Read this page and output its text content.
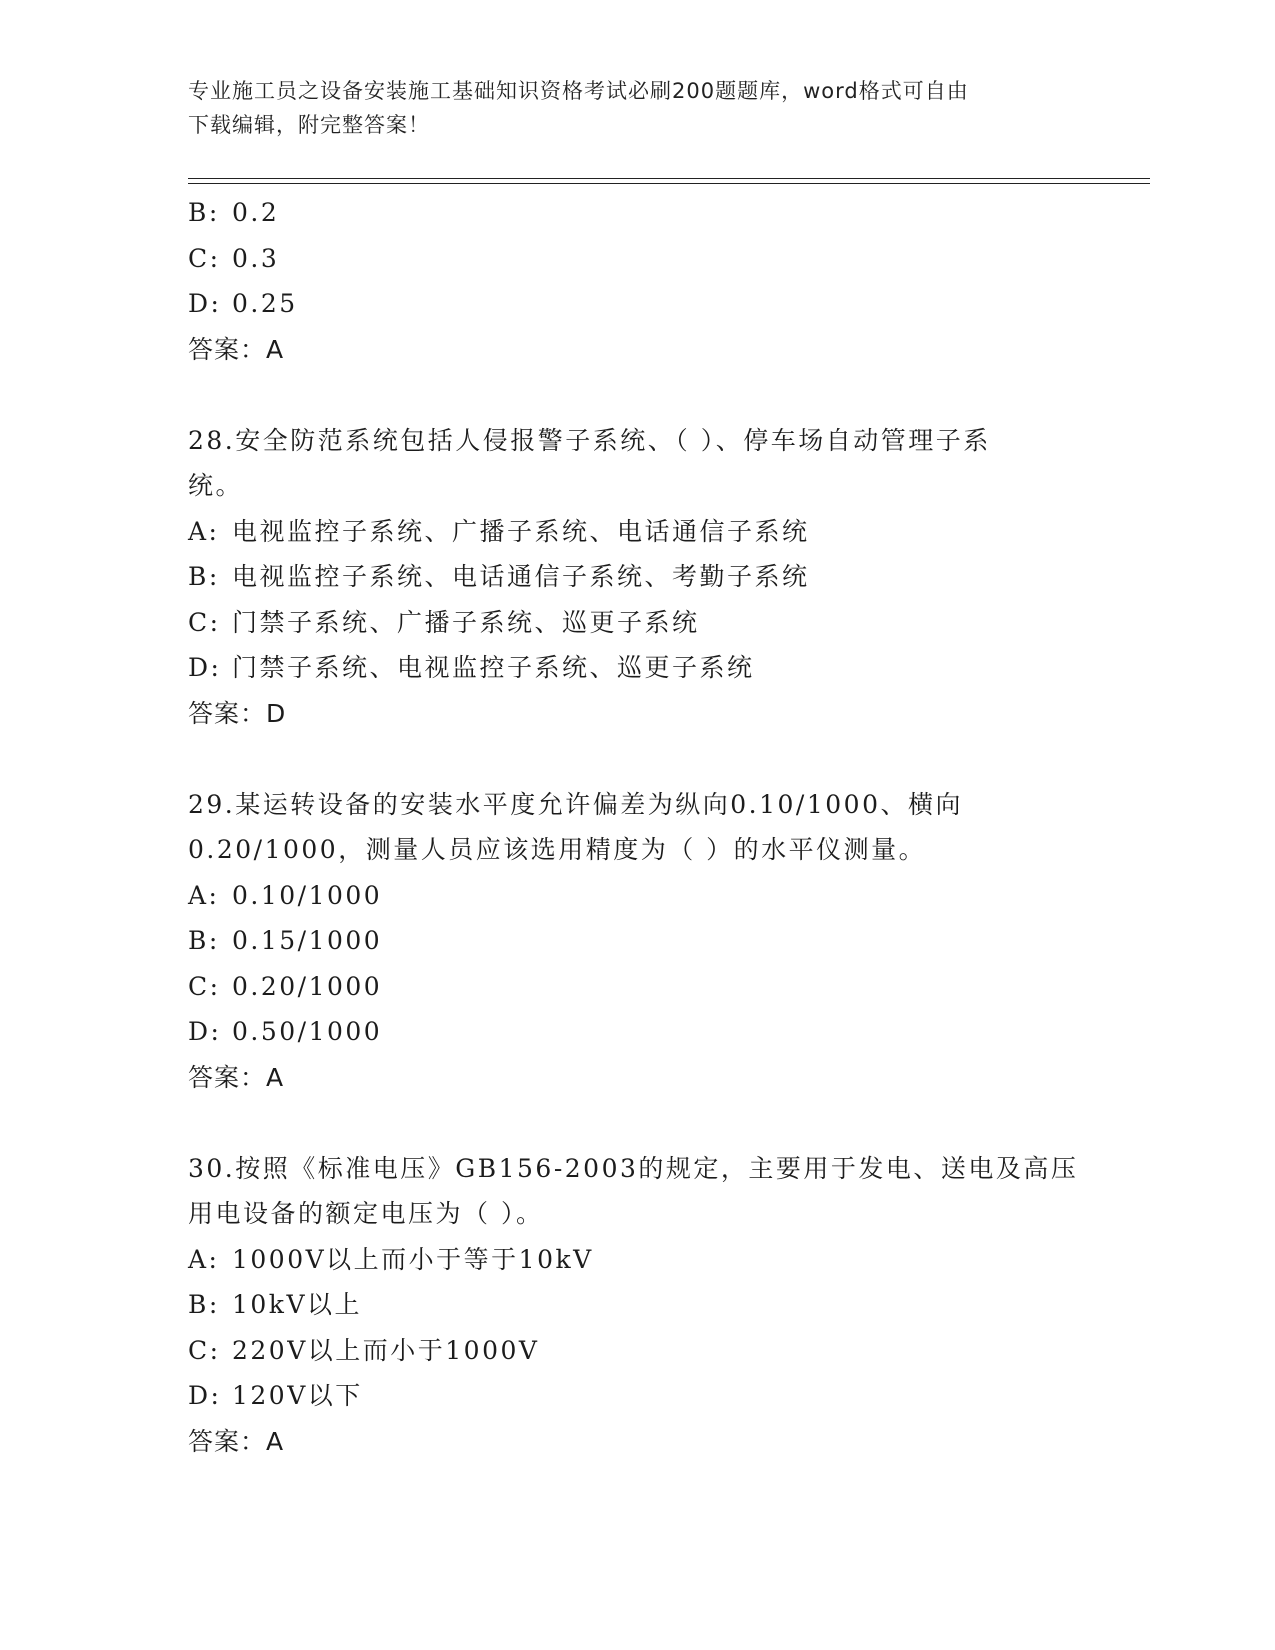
专业施工员之设备安装施工基础知识资格考试必刷200题题库，word格式可自由
下载编辑，附完整答案！
B: 0.2
C: 0.3
D: 0.25
答案：A
28.安全防范系统包括人侵报警子系统、（ ）、停车场自动管理子系
统。
A: 电视监控子系统、广播子系统、电话通信子系统
B: 电视监控子系统、电话通信子系统、考勤子系统
C: 门禁子系统、广播子系统、巡更子系统
D: 门禁子系统、电视监控子系统、巡更子系统
答案：D
29.某运转设备的安装水平度允许偏差为纵向0.10/1000、横向
0.20/1000，测量人员应该选用精度为（ ）的水平仪测量。
A: 0.10/1000
B: 0.15/1000
C: 0.20/1000
D: 0.50/1000
答案：A
30.按照《标准电压》GB156-2003的规定，主要用于发电、送电及高压
用电设备的额定电压为（ ）。
A: 1000V以上而小于等于10kV
B: 10kV以上
C: 220V以上而小于1000V
D: 120V以下
答案：A
